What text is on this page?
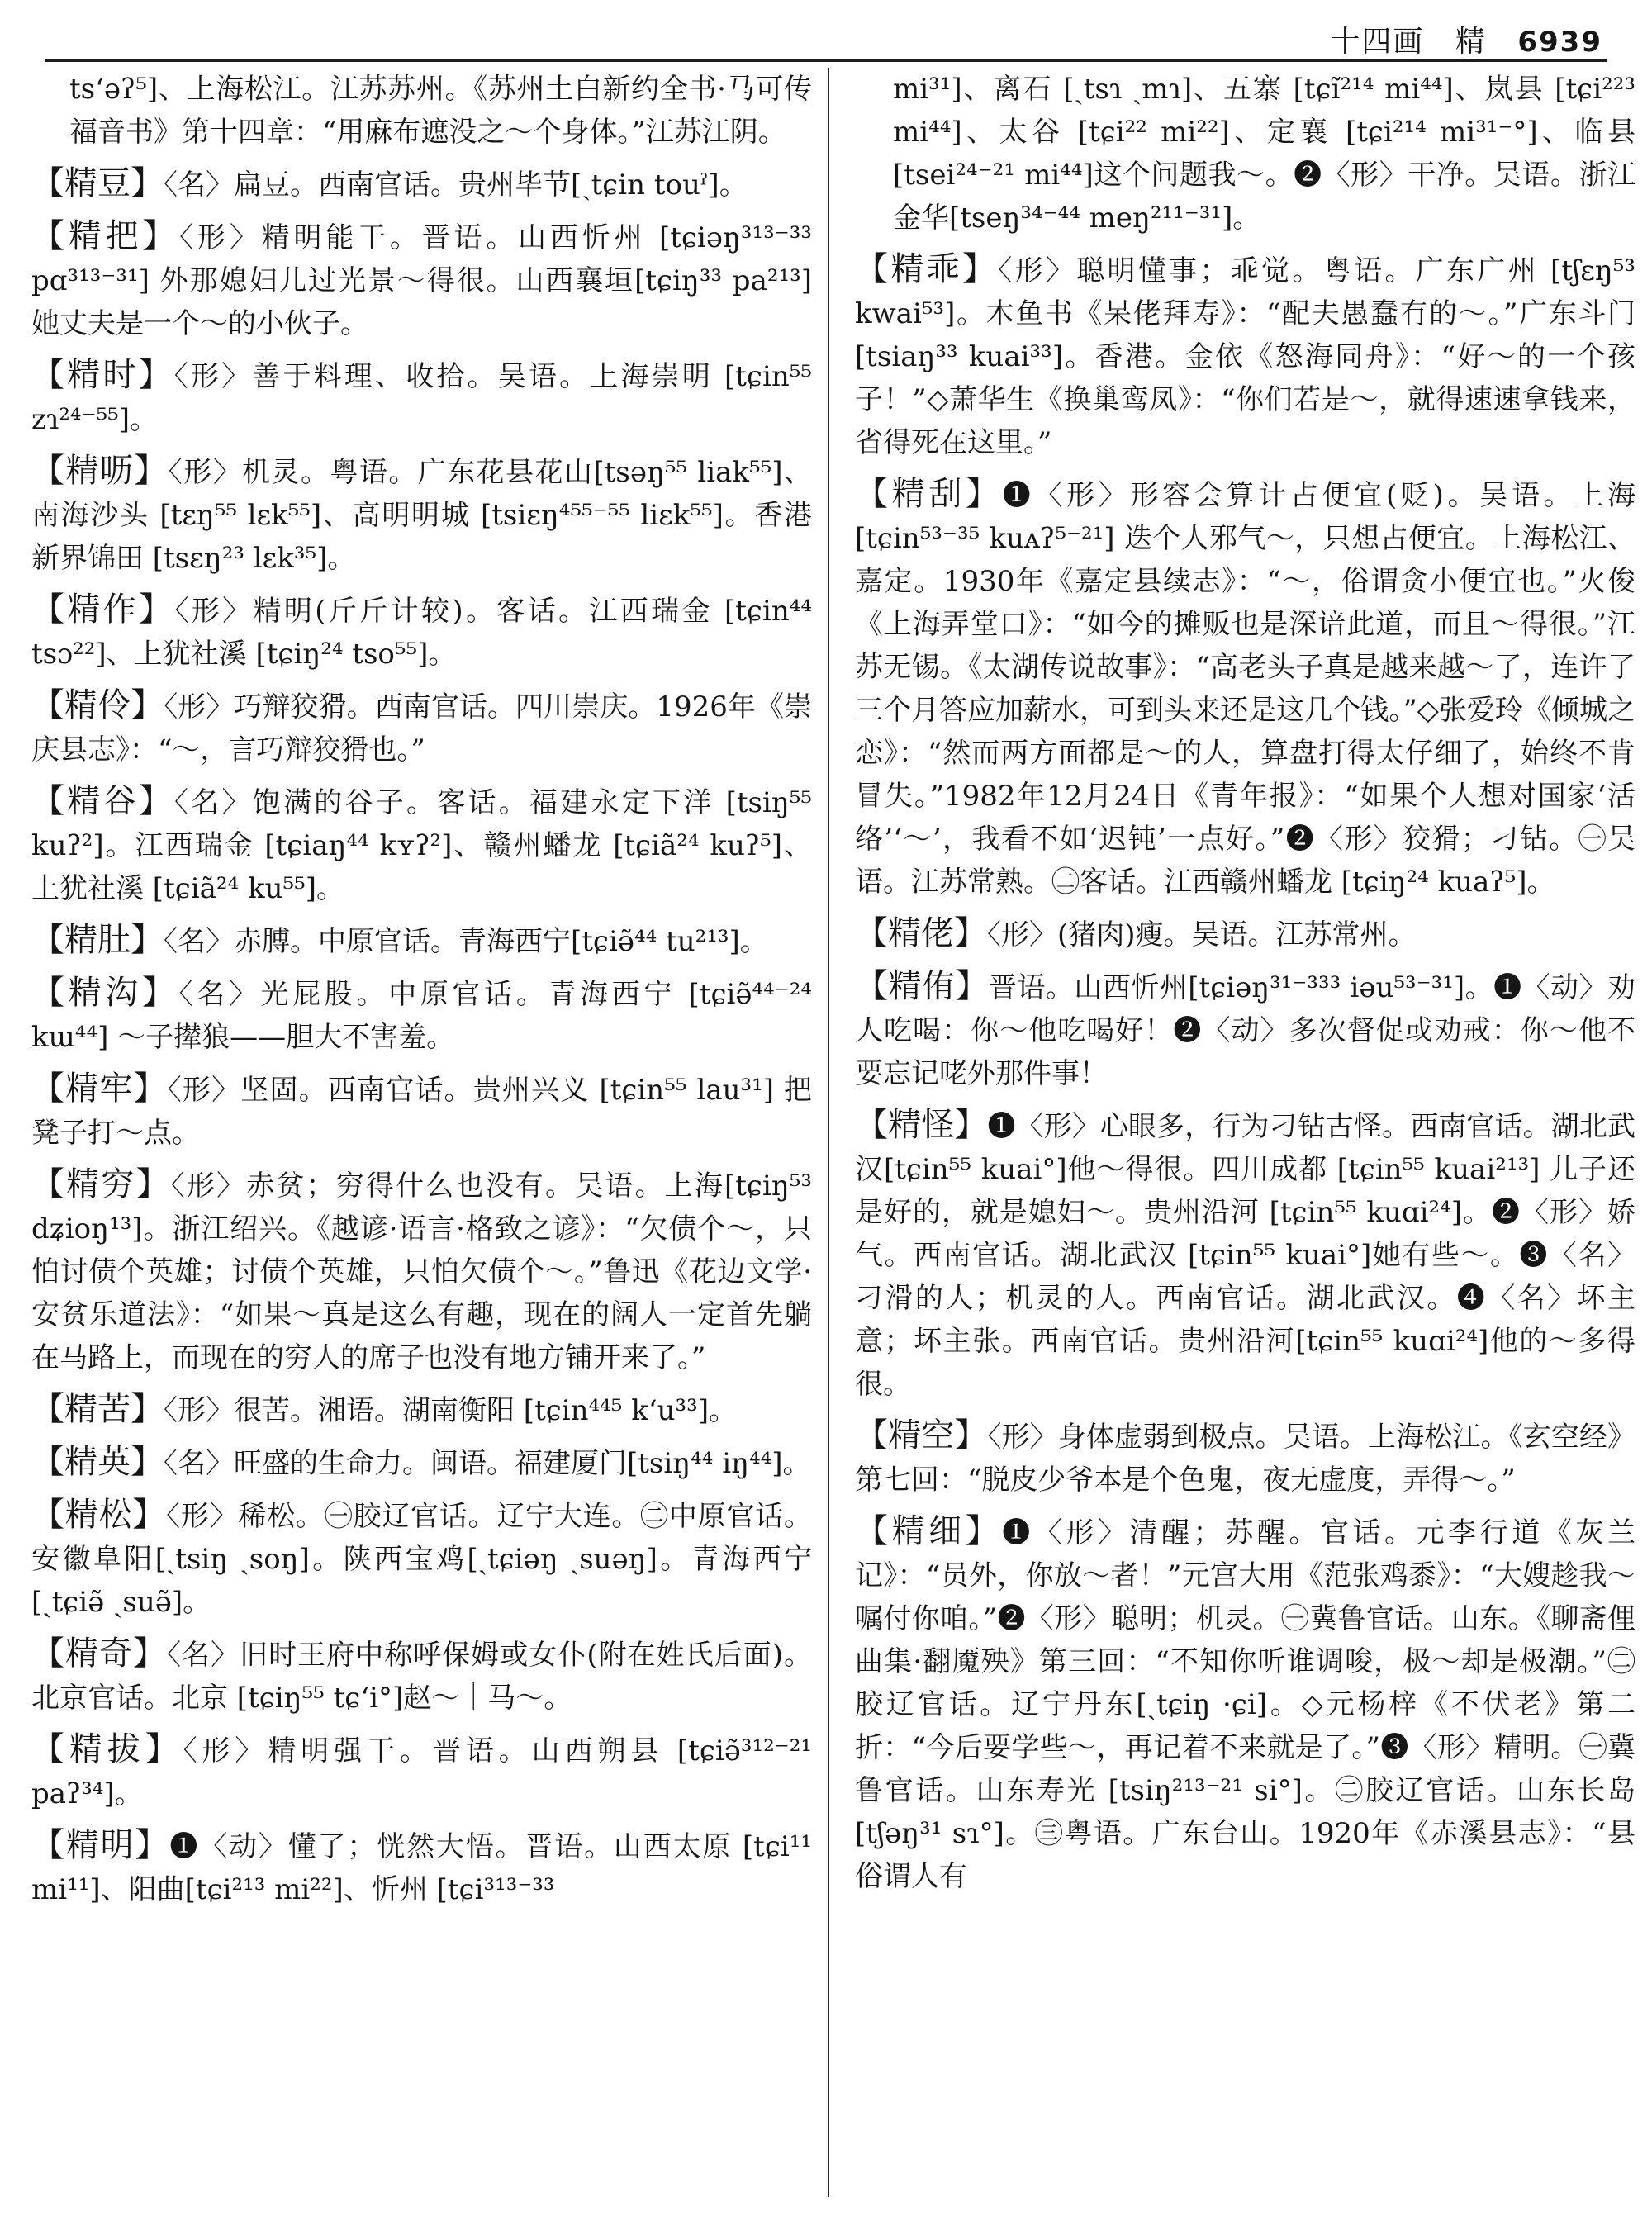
十四画 精 6939

tsʻəʔ⁵]、上海松江。江苏苏州。《苏州土白新约全书·马可传福音书》第十四章：“用麻布遮没之～个身体。”江苏江阴。

【精豆】〈名〉扁豆。西南官话。贵州毕节[ˏtɕin touˀ]。

【精把】〈形〉精明能干。晋语。山西忻州 [tɕiəŋ³¹³⁻³³ pɑ³¹³⁻³¹] 外那媳妇儿过光景～得很。山西襄垣[tɕiŋ³³ pa²¹³] 她丈夫是一个～的小伙子。

【精时】〈形〉善于料理、收拾。吴语。上海崇明 [tɕin⁵⁵ zɿ²⁴⁻⁵⁵]。

【精呖】〈形〉机灵。粤语。广东花县花山[tsəŋ⁵⁵ liak⁵⁵]、南海沙头 [tɛŋ⁵⁵ lɛk⁵⁵]、高明明城 [tsiɛŋ⁴⁵⁵⁻⁵⁵ liɛk⁵⁵]。香港新界锦田 [tsɛŋ²³ lɛk³⁵]。

【精作】〈形〉精明(斤斤计较)。客话。江西瑞金 [tɕin⁴⁴ tsɔ²²]、上犹社溪 [tɕiŋ²⁴ tso⁵⁵]。

【精伶】〈形〉巧辩狡猾。西南官话。四川崇庆。1926年《崇庆县志》：“～，言巧辩狡猾也。”

【精谷】〈名〉饱满的谷子。客话。福建永定下洋 [tsiŋ⁵⁵ kuʔ²]。江西瑞金 [tɕiaŋ⁴⁴ kʏʔ²]、赣州蟠龙 [tɕiã²⁴ kuʔ⁵]、上犹社溪 [tɕiã²⁴ ku⁵⁵]。

【精肚】〈名〉赤膊。中原官话。青海西宁[tɕiə̃⁴⁴ tu²¹³]。

【精沟】〈名〉光屁股。中原官话。青海西宁 [tɕiə̃⁴⁴⁻²⁴ kɯ⁴⁴] ～子撵狼——胆大不害羞。

【精牢】〈形〉坚固。西南官话。贵州兴义 [tɕin⁵⁵ lau³¹] 把凳子打～点。

【精穷】〈形〉赤贫；穷得什么也没有。吴语。上海[tɕiŋ⁵³ dʑioŋ¹³]。浙江绍兴。《越谚·语言·格致之谚》：“欠债个～，只怕讨债个英雄；讨债个英雄，只怕欠债个～。”鲁迅《花边文学·安贫乐道法》：“如果～真是这么有趣，现在的阔人一定首先躺在马路上，而现在的穷人的席子也没有地方铺开来了。”

【精苦】〈形〉很苦。湘语。湖南衡阳 [tɕin⁴⁴⁵ kʻu³³]。

【精英】〈名〉旺盛的生命力。闽语。福建厦门[tsiŋ⁴⁴ iŋ⁴⁴]。

【精松】〈形〉稀松。㊀胶辽官话。辽宁大连。㊁中原官话。安徽阜阳[ˏtsiŋ ˏsoŋ]。陕西宝鸡[ˏtɕiəŋ ˏsuəŋ]。青海西宁 [ˏtɕiə̃ ˏsuə̃]。

【精奇】〈名〉旧时王府中称呼保姆或女仆(附在姓氏后面)。北京官话。北京 [tɕiŋ⁵⁵ tɕʻi°]赵～｜马～。

【精拔】〈形〉精明强干。晋语。山西朔县 [tɕiə̃³¹²⁻²¹ paʔ³⁴]。

【精明】❶〈动〉懂了；恍然大悟。晋语。山西太原 [tɕi¹¹ mi¹¹]、阳曲[tɕi²¹³ mi²²]、忻州 [tɕi³¹³⁻³³

mi³¹]、离石 [ˏtsɿ ˏmɿ]、五寨 [tɕĩ²¹⁴ mi⁴⁴]、岚县 [tɕi²²³ mi⁴⁴]、太谷 [tɕi²² mi²²]、定襄 [tɕi²¹⁴ mi³¹⁻°]、临县[tsei²⁴⁻²¹ mi⁴⁴]这个问题我～。❷〈形〉干净。吴语。浙江金华[tseŋ³⁴⁻⁴⁴ meŋ²¹¹⁻³¹]。

【精乖】〈形〉聪明懂事；乖觉。粤语。广东广州 [tʃɛŋ⁵³ kwai⁵³]。木鱼书《呆佬拜寿》：“配夫愚蠢冇的～。”广东斗门 [tsiaŋ³³ kuai³³]。香港。金依《怒海同舟》：“好～的一个孩子！”◇萧华生《换巢鸾凤》：“你们若是～，就得速速拿钱来，省得死在这里。”

【精刮】❶〈形〉形容会算计占便宜(贬)。吴语。上海 [tɕin⁵³⁻³⁵ kuᴀʔ⁵⁻²¹] 迭个人邪气～，只想占便宜。上海松江、嘉定。1930年《嘉定县续志》：“～，俗谓贪小便宜也。”火俊《上海弄堂口》：“如今的摊贩也是深谙此道，而且～得很。”江苏无锡。《太湖传说故事》：“高老头子真是越来越～了，连许了三个月答应加薪水，可到头来还是这几个钱。”◇张爱玲《倾城之恋》：“然而两方面都是～的人，算盘打得太仔细了，始终不肯冒失。”1982年12月24日《青年报》：“如果个人想对国家‘活络’‘～’，我看不如‘迟钝’一点好。”❷〈形〉狡猾；刁钻。㊀吴语。江苏常熟。㊁客话。江西赣州蟠龙 [tɕiŋ²⁴ kuaʔ⁵]。

【精佬】〈形〉(猪肉)瘦。吴语。江苏常州。

【精侑】晋语。山西忻州[tɕiəŋ³¹⁻³³³ iəu⁵³⁻³¹]。❶〈动〉劝人吃喝：你～他吃喝好！❷〈动〉多次督促或劝戒：你～他不要忘记咾外那件事！

【精怪】❶〈形〉心眼多，行为刁钻古怪。西南官话。湖北武汉[tɕin⁵⁵ kuai°]他～得很。四川成都 [tɕin⁵⁵ kuai²¹³] 儿子还是好的，就是媳妇～。贵州沿河 [tɕin⁵⁵ kuɑi²⁴]。❷〈形〉娇气。西南官话。湖北武汉 [tɕin⁵⁵ kuai°]她有些～。❸〈名〉刁滑的人；机灵的人。西南官话。湖北武汉。❹〈名〉坏主意；坏主张。西南官话。贵州沿河[tɕin⁵⁵ kuɑi²⁴]他的～多得很。

【精空】〈形〉身体虚弱到极点。吴语。上海松江。《玄空经》第七回：“脱皮少爷本是个色鬼，夜无虚度，弄得～。”

【精细】❶〈形〉清醒；苏醒。官话。元李行道《灰兰记》：“员外，你放～者！”元宫大用《范张鸡黍》：“大嫂趁我～嘱付你咱。”❷〈形〉聪明；机灵。㊀冀鲁官话。山东。《聊斋俚曲集·翻魇殃》第三回：“不知你听谁调唆，极～却是极潮。”㊁胶辽官话。辽宁丹东[ˏtɕiŋ ·ɕi]。◇元杨梓《不伏老》第二折：“今后要学些～，再记着不来就是了。”❸〈形〉精明。㊀冀鲁官话。山东寿光 [tsiŋ²¹³⁻²¹ si°]。㊁胶辽官话。山东长岛[tʃəŋ³¹ sɿ°]。㊂粤语。广东台山。1920年《赤溪县志》：“县俗谓人有
